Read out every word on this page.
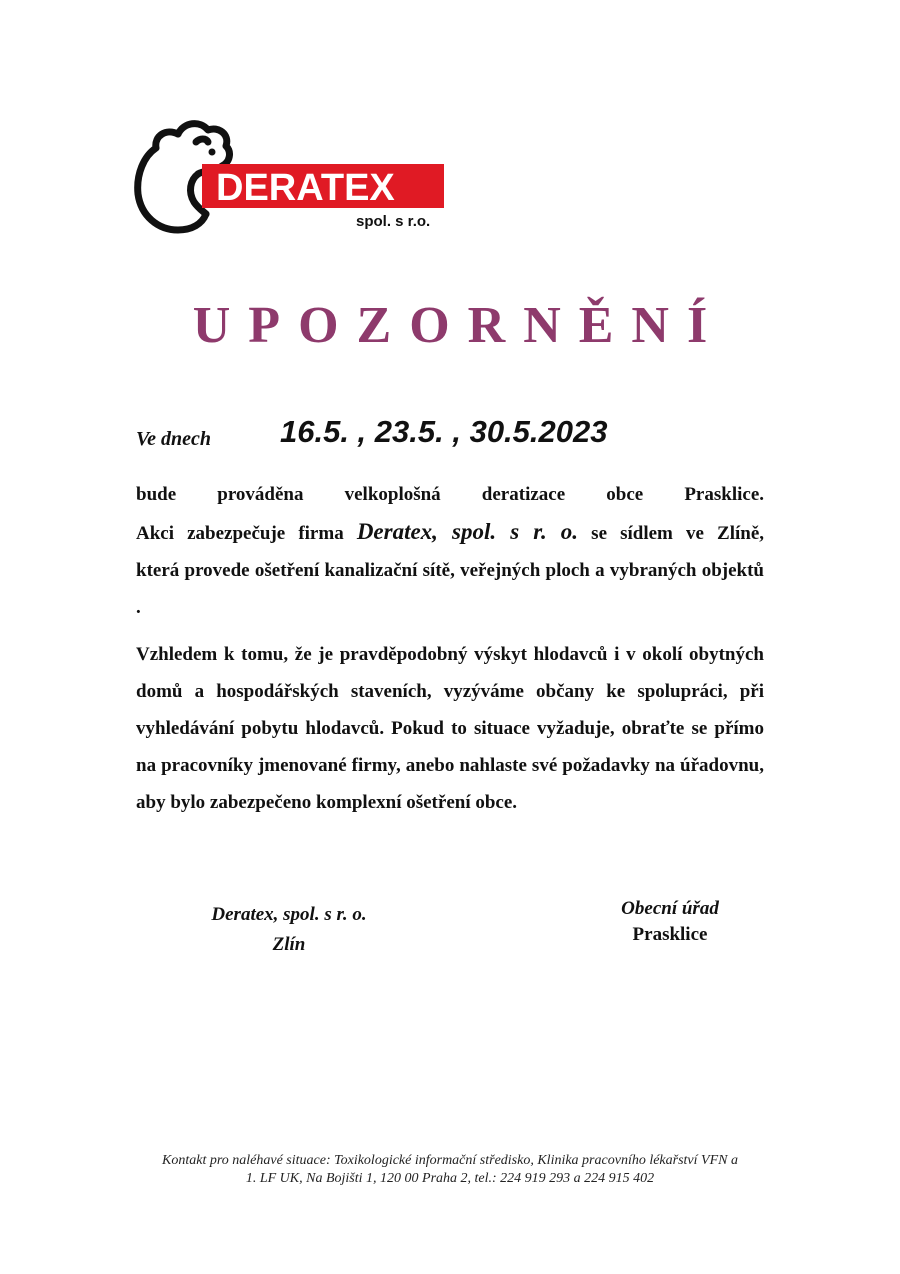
DERATEX
spol. s r.o.
UPOZORNĚNÍ
Ve dnech 16.5. , 23.5. , 30.5.2023

bude prováděna velkoplošná deratizace obce Prasklice.

Akci zabezpečuje firma Deratex, spol. s r. o. se sídlem ve Zlíně,

která provede ošetření kanalizační sítě, veřejných ploch a vybraných objektů .

Vzhledem k tomu, že je pravděpodobný výskyt hlodavců i v okolí obytných domů a hospodářských staveních, vyzýváme občany ke spolupráci, při vyhledávání pobytu hlodavců. Pokud to situace vyžaduje, obraťte se přímo na pracovníky jmenované firmy, anebo nahlaste své požadavky na úřadovnu, aby bylo zabezpečeno komplexní ošetření obce.

Deratex, spol. s r. o.
Zlín
Obecní úřad
Prasklice
Kontakt pro naléhavé situace: Toxikologické informační středisko, Klinika pracovního lékařství VFN a
1. LF UK, Na Bojišti 1, 120 00 Praha 2, tel.: 224 919 293 a 224 915 402
